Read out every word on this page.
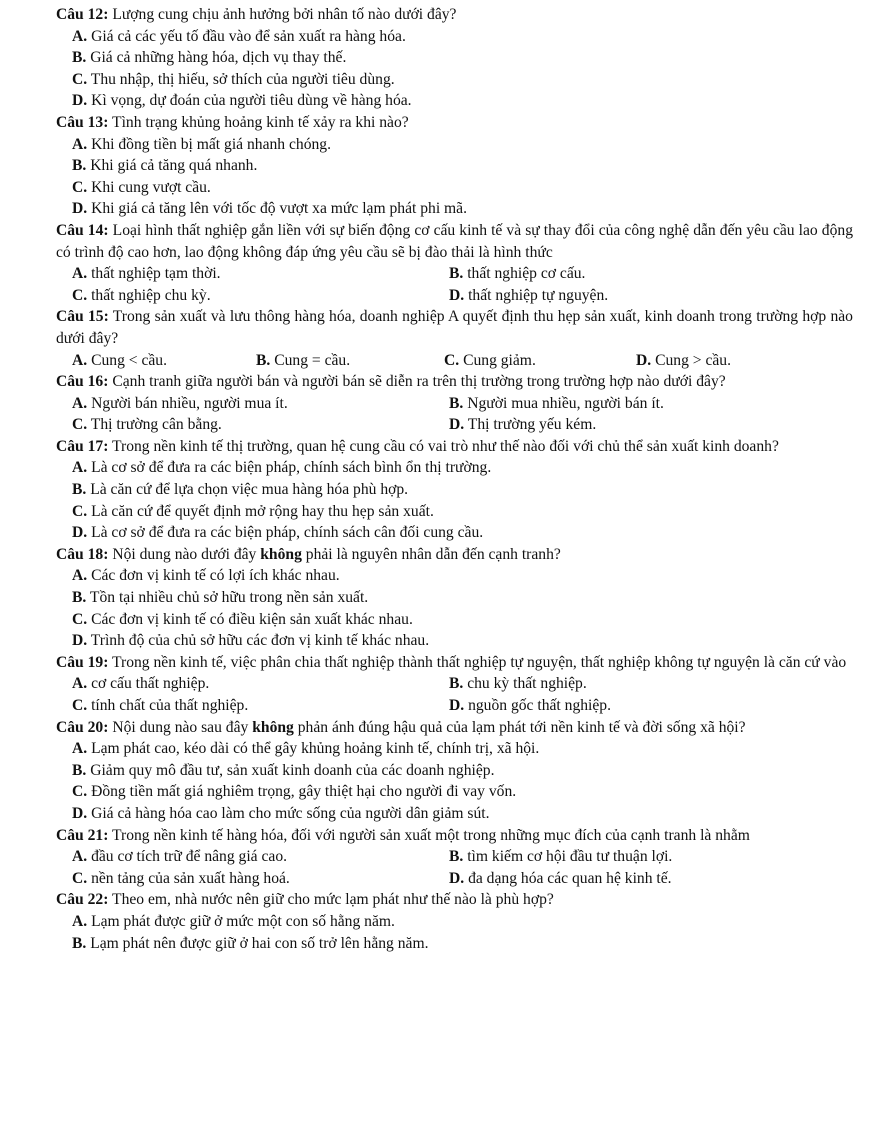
Câu 12: Lượng cung chịu ảnh hưởng bởi nhân tố nào dưới đây?

A. Giá cả các yếu tố đầu vào để sản xuất ra hàng hóa.

B. Giá cả những hàng hóa, dịch vụ thay thế.

C. Thu nhập, thị hiếu, sở thích của người tiêu dùng.

D. Kì vọng, dự đoán của người tiêu dùng về hàng hóa.

Câu 13: Tình trạng khủng hoảng kinh tế xảy ra khi nào?

A. Khi đồng tiền bị mất giá nhanh chóng.

B. Khi giá cả tăng quá nhanh.

C. Khi cung vượt cầu.

D. Khi giá cả tăng lên với tốc độ vượt xa mức lạm phát phi mã.

Câu 14: Loại hình thất nghiệp gắn liền với sự biến động cơ cấu kinh tế và sự thay đổi của công nghệ dẫn đến yêu cầu lao động có trình độ cao hơn, lao động không đáp ứng yêu cầu sẽ bị đào thải là hình thức

A. thất nghiệp tạm thời.	B. thất nghiệp cơ cấu.
C. thất nghiệp chu kỳ.	D. thất nghiệp tự nguyện.

Câu 15: Trong sản xuất và lưu thông hàng hóa, doanh nghiệp A quyết định thu hẹp sản xuất, kinh doanh trong trường hợp nào dưới đây?

A. Cung < cầu.	B. Cung = cầu.	C. Cung giảm.	D. Cung > cầu.

Câu 16: Cạnh tranh giữa người bán và người bán sẽ diễn ra trên thị trường trong trường hợp nào dưới đây?

A. Người bán nhiều, người mua ít.	B. Người mua nhiều, người bán ít.
C. Thị trường cân bằng.	D. Thị trường yếu kém.

Câu 17: Trong nền kinh tế thị trường, quan hệ cung cầu có vai trò như thế nào đối với chủ thể sản xuất kinh doanh?

A. Là cơ sở để đưa ra các biện pháp, chính sách bình ổn thị trường.

B. Là căn cứ để lựa chọn việc mua hàng hóa phù hợp.

C. Là căn cứ để quyết định mở rộng hay thu hẹp sản xuất.

D. Là cơ sở để đưa ra các biện pháp, chính sách cân đối cung cầu.

Câu 18: Nội dung nào dưới đây không phải là nguyên nhân dẫn đến cạnh tranh?

A. Các đơn vị kinh tế có lợi ích khác nhau.

B. Tồn tại nhiều chủ sở hữu trong nền sản xuất.

C. Các đơn vị kinh tế có điều kiện sản xuất khác nhau.

D. Trình độ của chủ sở hữu các đơn vị kinh tế khác nhau.

Câu 19: Trong nền kinh tế, việc phân chia thất nghiệp thành thất nghiệp tự nguyện, thất nghiệp không tự nguyện là căn cứ vào

A. cơ cấu thất nghiệp.	B. chu kỳ thất nghiệp.
C. tính chất của thất nghiệp.	D. nguồn gốc thất nghiệp.

Câu 20: Nội dung nào sau đây không phản ánh đúng hậu quả của lạm phát tới nền kinh tế và đời sống xã hội?

A. Lạm phát cao, kéo dài có thể gây khủng hoảng kinh tế, chính trị, xã hội.

B. Giảm quy mô đầu tư, sản xuất kinh doanh của các doanh nghiệp.

C. Đồng tiền mất giá nghiêm trọng, gây thiệt hại cho người đi vay vốn.

D. Giá cả hàng hóa cao làm cho mức sống của người dân giảm sút.

Câu 21: Trong nền kinh tế hàng hóa, đối với người sản xuất một trong những mục đích của cạnh tranh là nhằm

A. đầu cơ tích trữ để nâng giá cao.	B. tìm kiếm cơ hội đầu tư thuận lợi.
C. nền tảng của sản xuất hàng hoá.	D. đa dạng hóa các quan hệ kinh tế.

Câu 22: Theo em, nhà nước nên giữ cho mức lạm phát như thế nào là phù hợp?

A. Lạm phát được giữ ở mức một con số hằng năm.

B. Lạm phát nên được giữ ở hai con số trở lên hằng năm.
